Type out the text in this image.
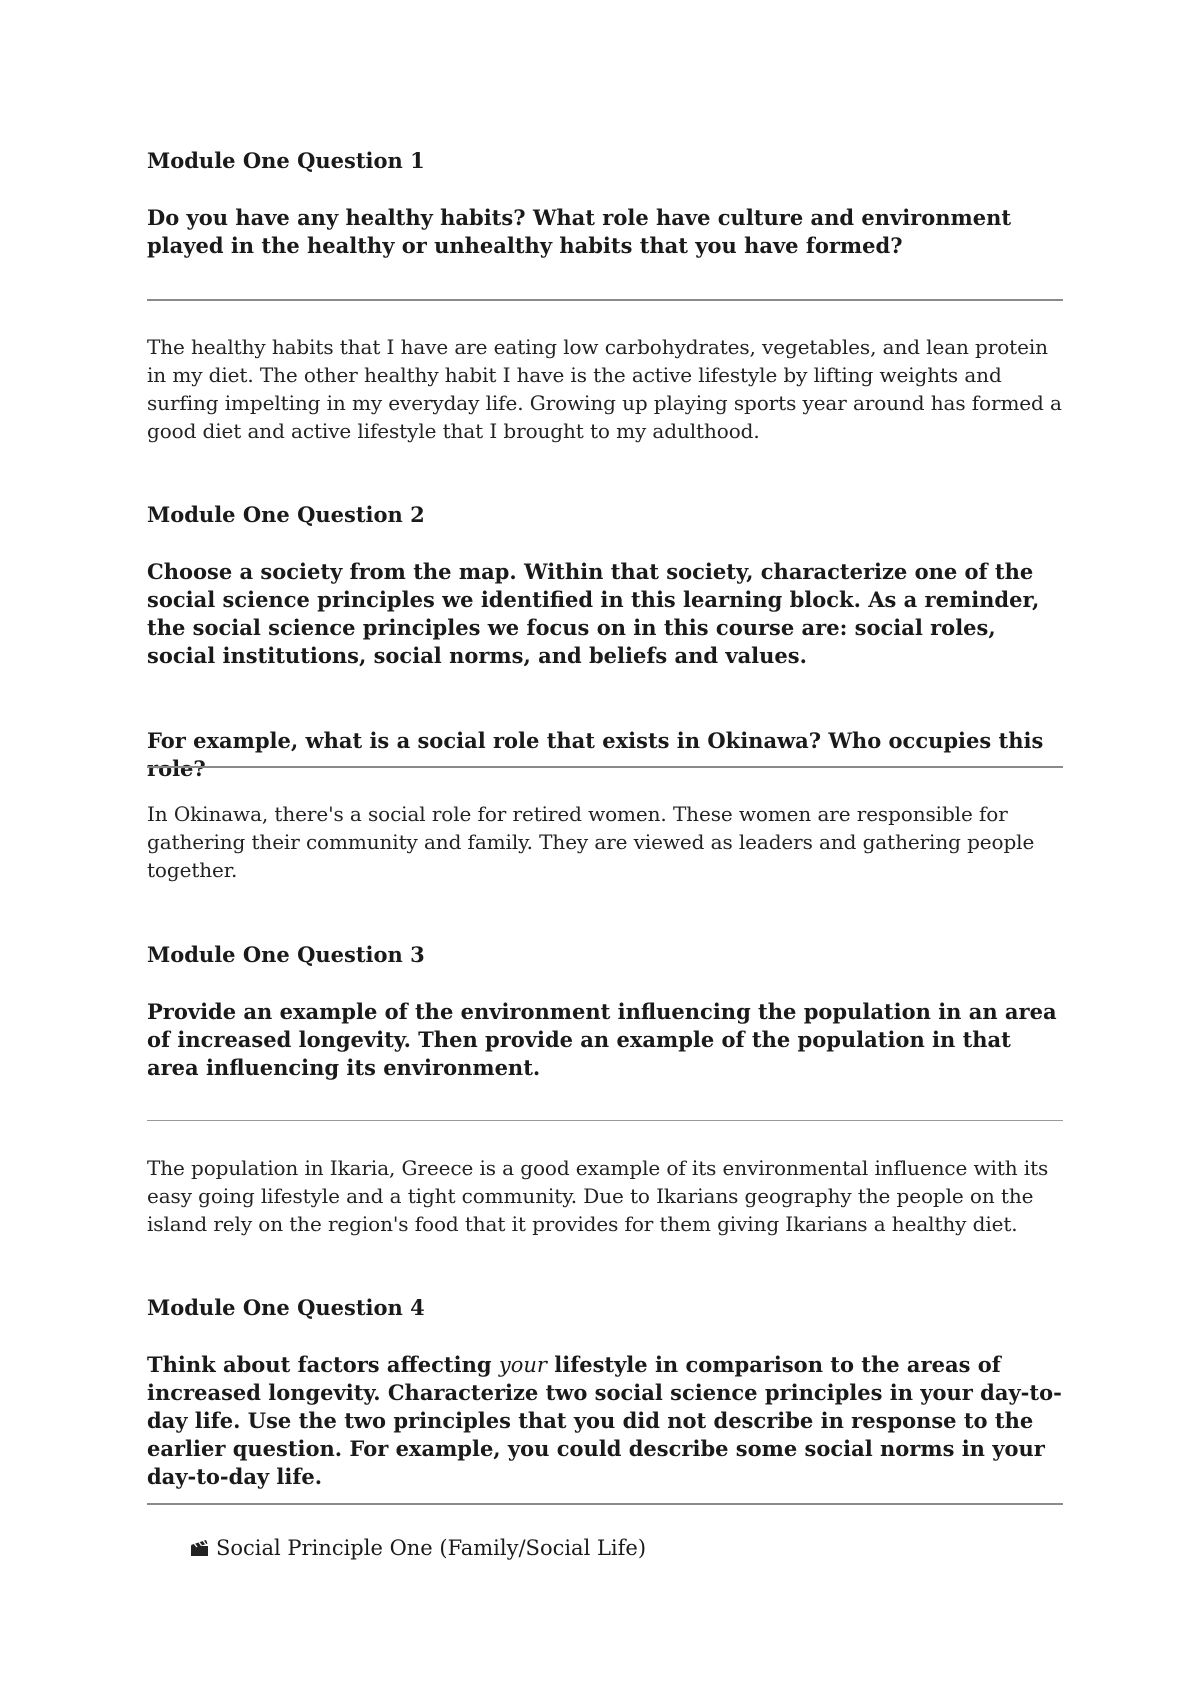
Module One Question 1

Do you have any healthy habits? What role have culture and environment played in the healthy or unhealthy habits that you have formed?

The healthy habits that I have are eating low carbohydrates, vegetables, and lean protein in my diet. The other healthy habit I have is the active lifestyle by lifting weights and surfing impelting in my everyday life. Growing up playing sports year around has formed a good diet and active lifestyle that I brought to my adulthood.

Module One Question 2

Choose a society from the map. Within that society, characterize one of the social science principles we identified in this learning block. As a reminder, the social science principles we focus on in this course are: social roles, social institutions, social norms, and beliefs and values.

For example, what is a social role that exists in Okinawa? Who occupies this role?

In Okinawa, there's a social role for retired women. These women are responsible for gathering their community and family. They are viewed as leaders and gathering people together.

Module One Question 3

Provide an example of the environment influencing the population in an area of increased longevity. Then provide an example of the population in that area influencing its environment.

The population in Ikaria, Greece is a good example of its environmental influence with its easy going lifestyle and a tight community. Due to Ikarians geography the people on the island rely on the region's food that it provides for them giving Ikarians a healthy diet.

Module One Question 4

Think about factors affecting your lifestyle in comparison to the areas of increased longevity. Characterize two social science principles in your day-to-day life. Use the two principles that you did not describe in response to the earlier question. For example, you could describe some social norms in your day-to-day life.

Social Principle One (Family/Social Life)
